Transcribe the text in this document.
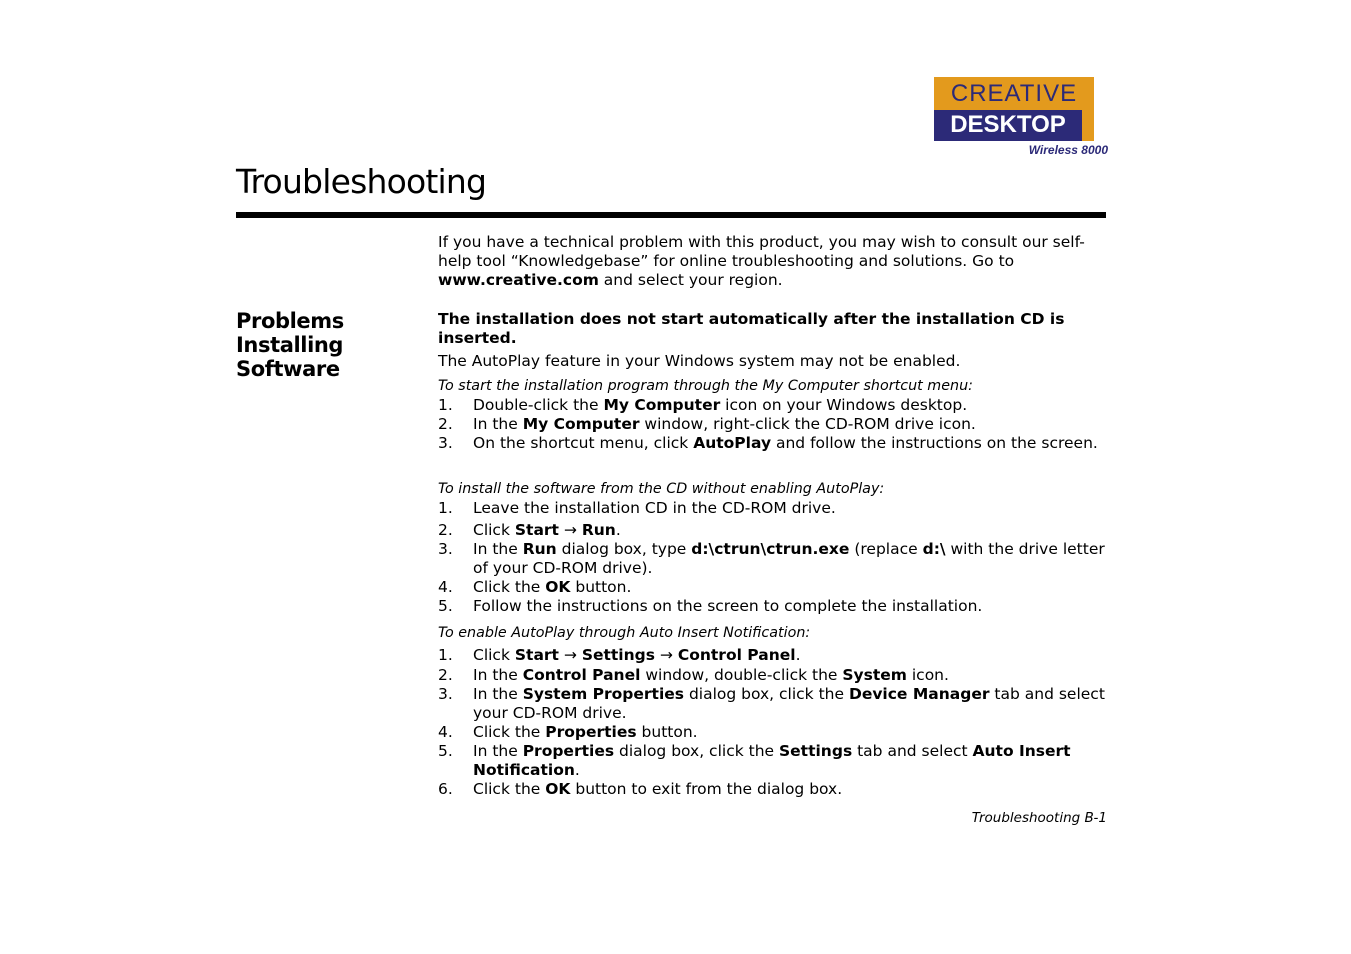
CREATIVE
DESKTOP
Wireless 8000
Troubleshooting

If you have a technical problem with this product, you may wish to consult our self-help tool “Knowledgebase” for online troubleshooting and solutions. Go to www.creative.com and select your region.

Problems Installing Software

The installation does not start automatically after the installation CD is inserted.

The AutoPlay feature in your Windows system may not be enabled.

To start the installation program through the My Computer shortcut menu:

1. Double-click the My Computer icon on your Windows desktop.
2. In the My Computer window, right-click the CD-ROM drive icon.
3. On the shortcut menu, click AutoPlay and follow the instructions on the screen.

To install the software from the CD without enabling AutoPlay:

1. Leave the installation CD in the CD-ROM drive.
2. Click Start → Run.
3. In the Run dialog box, type d:\ctrun\ctrun.exe (replace d:\ with the drive letter of your CD-ROM drive).
4. Click the OK button.
5. Follow the instructions on the screen to complete the installation.

To enable AutoPlay through Auto Insert Notification:

1. Click Start → Settings → Control Panel.
2. In the Control Panel window, double-click the System icon.
3. In the System Properties dialog box, click the Device Manager tab and select your CD-ROM drive.
4. Click the Properties button.
5. In the Properties dialog box, click the Settings tab and select Auto Insert Notification.
6. Click the OK button to exit from the dialog box.
Troubleshooting B-1
